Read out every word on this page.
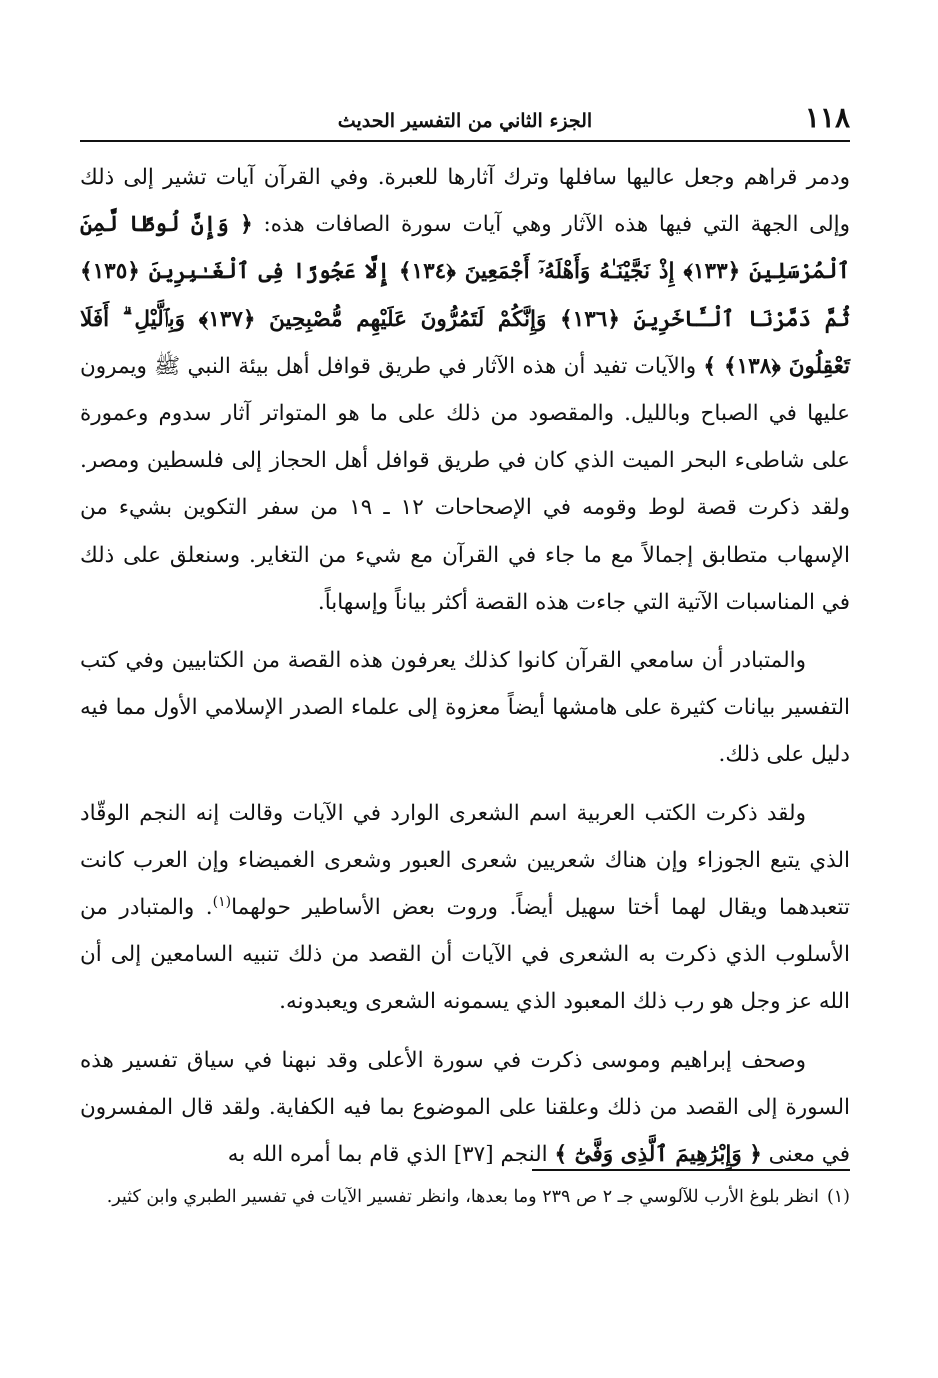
١١٨
الجزء الثاني من التفسير الحديث

ودمر قراهم وجعل عاليها سافلها وترك آثارها للعبرة. وفي القرآن آيات تشير إلى ذلك وإلى الجهة التي فيها هذه الآثار وهي آيات سورة الصافات هذه: ﴿ وَإِنَّ لُوطًا لَّمِنَ ٱلْمُرْسَلِينَ ﴿١٣٣﴾ إِذْ نَجَّيْنَـٰهُ وَأَهْلَهُۥٓ أَجْمَعِينَ ﴿١٣٤﴾ إِلَّا عَجُوزًا فِى ٱلْغَـٰبِرِينَ ﴿١٣٥﴾ ثُمَّ دَمَّرْنَا ٱلْـَٔاخَرِينَ ﴿١٣٦﴾ وَإِنَّكُمْ لَتَمُرُّونَ عَلَيْهِم مُّصْبِحِينَ ﴿١٣٧﴾ وَبِٱلَّيْلِ ۗ أَفَلَا تَعْقِلُونَ ﴿١٣٨﴾ ﴾ والآيات تفيد أن هذه الآثار في طريق قوافل أهل بيئة النبي ﷺ ويمرون عليها في الصباح وبالليل. والمقصود من ذلك على ما هو المتواتر آثار سدوم وعمورة على شاطىء البحر الميت الذي كان في طريق قوافل أهل الحجاز إلى فلسطين ومصر. ولقد ذكرت قصة لوط وقومه في الإصحاحات ١٢ ـ ١٩ من سفر التكوين بشيء من الإسهاب متطابق إجمالاً مع ما جاء في القرآن مع شيء من التغاير. وسنعلق على ذلك في المناسبات الآتية التي جاءت هذه القصة أكثر بياناً وإسهاباً.

والمتبادر أن سامعي القرآن كانوا كذلك يعرفون هذه القصة من الكتابيين وفي كتب التفسير بيانات كثيرة على هامشها أيضاً معزوة إلى علماء الصدر الإسلامي الأول مما فيه دليل على ذلك.

ولقد ذكرت الكتب العربية اسم الشعرى الوارد في الآيات وقالت إنه النجم الوقّاد الذي يتبع الجوزاء وإن هناك شعريين شعرى العبور وشعرى الغميضاء وإن العرب كانت تتعبدهما ويقال لهما أختا سهيل أيضاً. وروت بعض الأساطير حولهما$^{(١)}$. والمتبادر من الأسلوب الذي ذكرت به الشعرى في الآيات أن القصد من ذلك تنبيه السامعين إلى أن الله عز وجل هو رب ذلك المعبود الذي يسمونه الشعرى ويعبدونه.

وصحف إبراهيم وموسى ذكرت في سورة الأعلى وقد نبهنا في سياق تفسير هذه السورة إلى القصد من ذلك وعلقنا على الموضوع بما فيه الكفاية. ولقد قال المفسرون في معنى ﴿ وَإِبْرَٰهِيمَ ٱلَّذِى وَفَّىٰٓ ﴾ النجم [٣٧] الذي قام بما أمره الله به

(١)انظر بلوغ الأرب للآلوسي جـ ٢ ص ٢٣٩ وما بعدها، وانظر تفسير الآيات في تفسير الطبري وابن كثير.
